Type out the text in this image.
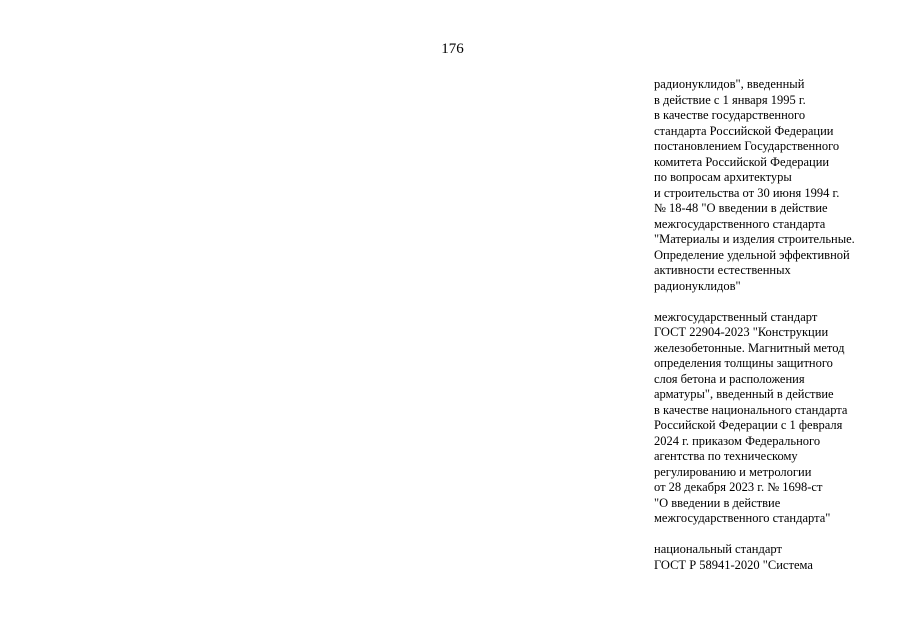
176

радионуклидов", введенный
в действие с 1 января 1995 г.
в качестве государственного
стандарта Российской Федерации
постановлением Государственного
комитета Российской Федерации
по вопросам архитектуры
и строительства от 30 июня 1994 г.
№ 18-48 "О введении в действие
межгосударственного стандарта
"Материалы и изделия строительные.
Определение удельной эффективной
активности естественных
радионуклидов"

межгосударственный стандарт
ГОСТ 22904-2023 "Конструкции
железобетонные. Магнитный метод
определения толщины защитного
слоя бетона и расположения
арматуры", введенный в действие
в качестве национального стандарта
Российской Федерации с 1 февраля
2024 г. приказом Федерального
агентства по техническому
регулированию и метрологии
от 28 декабря 2023 г. № 1698-ст
"О введении в действие
межгосударственного стандарта"

национальный стандарт
ГОСТ Р 58941-2020 "Система
